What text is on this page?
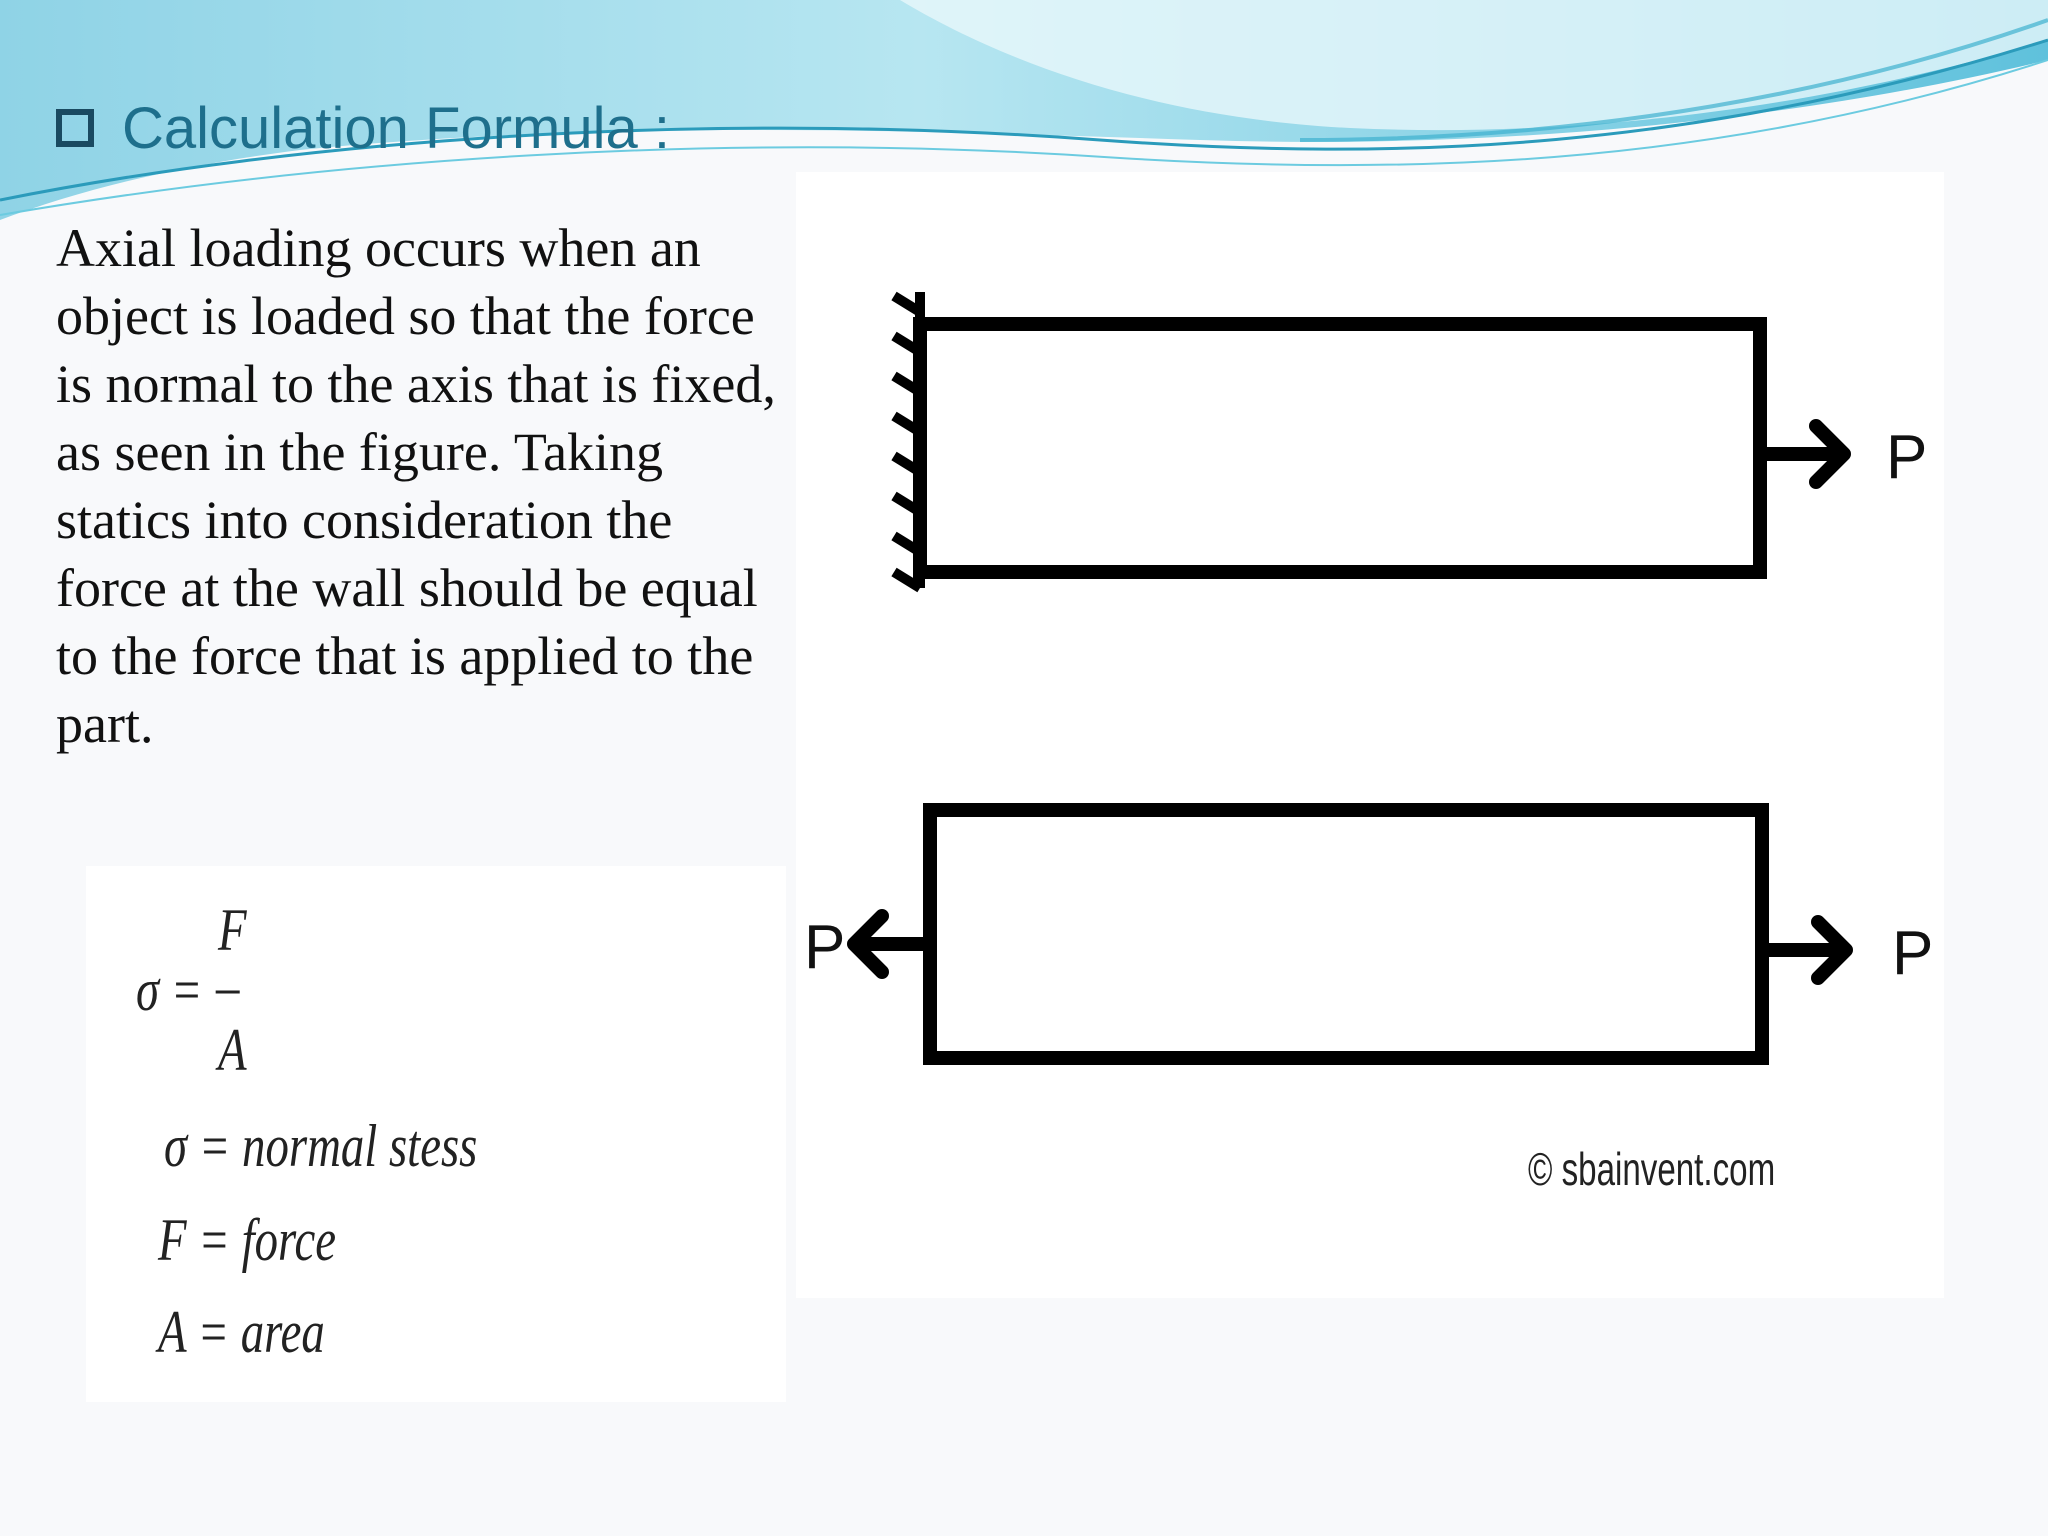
Calculation Formula :
Axial loading occurs when an object is loaded so that the force is normal to the axis that is fixed, as seen in the figure. Taking statics into consideration the force at the wall should be equal to the force that is applied to the part.
F
σ = –
A
σ = normal stess
F = force
A = area
P
P	P
© sbainvent.com
